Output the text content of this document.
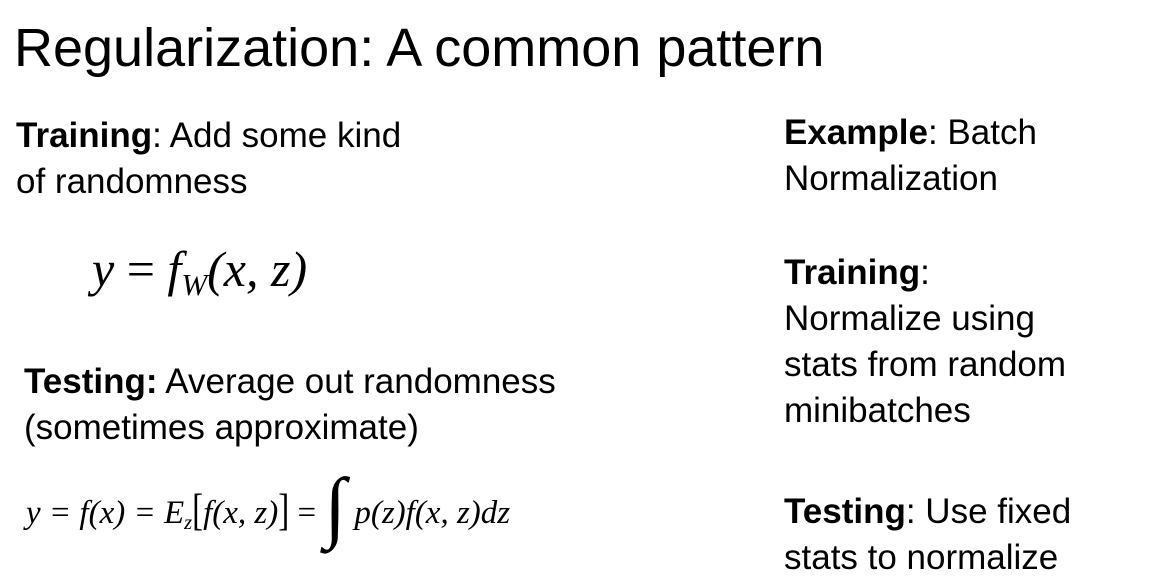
Regularization: A common pattern
Training: Add some kind
of randomness
y = fW(x, z)
Testing: Average out randomness
(sometimes approximate)
y = f(x) = Ez[f(x, z)] = ∫ p(z)f(x, z)dz
Example: Batch
Normalization
Training:
Normalize using
stats from random
minibatches
Testing: Use fixed
stats to normalize
